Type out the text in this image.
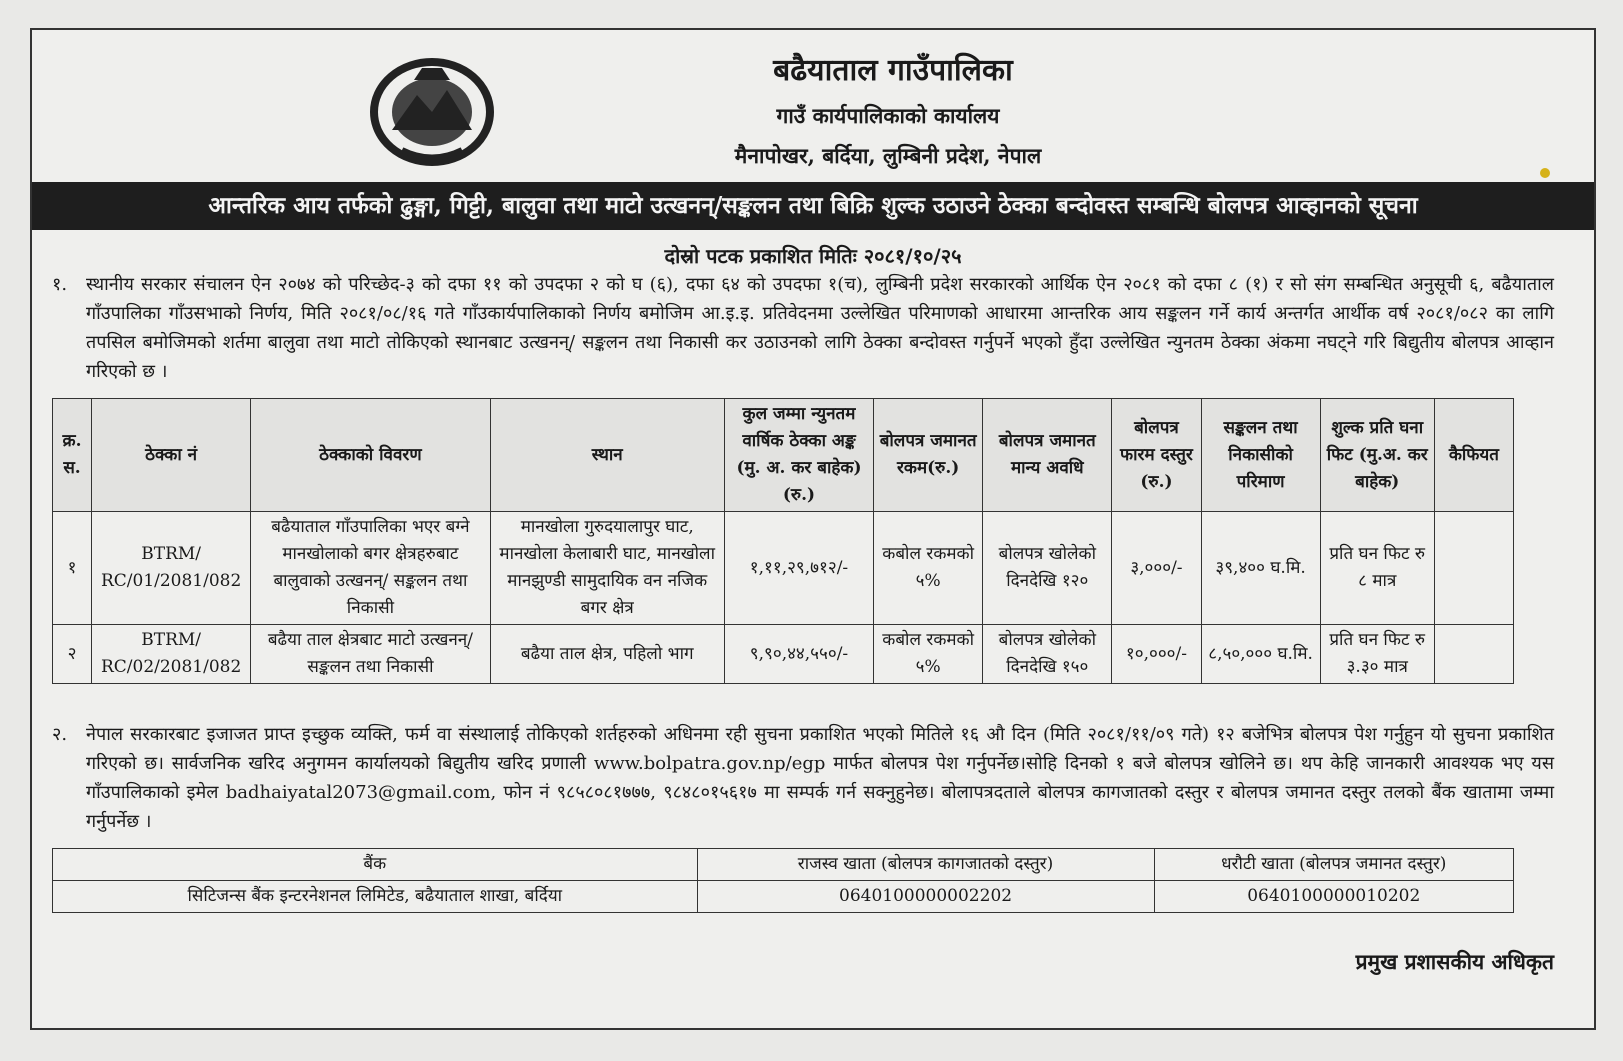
बढैयाताल गाउँपालिका
गाउँ कार्यपालिकाको कार्यालय
मैनापोखर, बर्दिया, लुम्बिनी प्रदेश, नेपाल
आन्तरिक आय तर्फको ढुङ्गा, गिट्टी, बालुवा तथा माटो उत्खनन्/सङ्कलन तथा बिक्रि शुल्क उठाउने ठेक्का बन्दोवस्त सम्बन्धि बोलपत्र आव्हानको सूचना
दोस्रो पटक प्रकाशित मितिः २०८१/१०/२५
१. स्थानीय सरकार संचालन ऐन २०७४ को परिच्छेद-३ को दफा ११ को उपदफा २ को घ (६), दफा ६४ को उपदफा १(च), लुम्बिनी प्रदेश सरकारको आर्थिक ऐन २०८१ को दफा ८ (१) र सो संग सम्बन्धित अनुसूची ६, बढैयाताल गाँउपालिका गाँउसभाको निर्णय, मिति २०८१/०८/१६ गते गाँउकार्यपालिकाको निर्णय बमोजिम आ.इ.इ. प्रतिवेदनमा उल्लेखित परिमाणको आधारमा आन्तरिक आय सङ्कलन गर्ने कार्य अन्तर्गत आर्थीक वर्ष २०८१/०८२ का लागि तपसिल बमोजिमको शर्तमा बालुवा तथा माटो तोकिएको स्थानबाट उत्खनन्/ सङ्कलन तथा निकासी कर उठाउनको लागि ठेक्का बन्दोवस्त गर्नुपर्ने भएको हुँदा उल्लेखित न्युनतम ठेक्का अंकमा नघट्ने गरि बिद्युतीय बोलपत्र आव्हान गरिएको छ ।
क्र. स.	ठेक्का नं	ठेक्काको विवरण	स्थान	कुल जम्मा न्युनतम वार्षिक ठेक्का अङ्क (मु. अ. कर बाहेक)(रु.)	बोलपत्र जमानत रकम(रु.)	बोलपत्र जमानत मान्य अवधि	बोलपत्र फारम दस्तुर (रु.)	सङ्कलन तथा निकासीको परिमाण	शुल्क प्रति घना फिट (मु.अ. कर बाहेक)	कैफियत
१	BTRM/ RC/01/2081/082	बढैयाताल गाँउपालिका भएर बग्ने मानखोलाको बगर क्षेत्रहरुबाट बालुवाको उत्खनन्/ सङ्कलन तथा निकासी	मानखोला गुरुदयालापुर घाट, मानखोला केलाबारी घाट, मानखोला मानझुण्डी सामुदायिक वन नजिक बगर क्षेत्र	१,११,२९,७१२/-	कबोल रकमको ५%	बोलपत्र खोलेको दिनदेखि १२०	३,०००/-	३९,४०० घ.मि.	प्रति घन फिट रु ८ मात्र	
२	BTRM/ RC/02/2081/082	बढैया ताल क्षेत्रबाट माटो उत्खनन्/सङ्कलन तथा निकासी	बढैया ताल क्षेत्र, पहिलो भाग	९,९०,४४,५५०/-	कबोल रकमको ५%	बोलपत्र खोलेको दिनदेखि १५०	१०,०००/-	८,५०,००० घ.मि.	प्रति घन फिट रु ३.३० मात्र	
२. नेपाल सरकारबाट इजाजत प्राप्त इच्छुक व्यक्ति, फर्म वा संस्थालाई तोकिएको शर्तहरुको अधिनमा रही सुचना प्रकाशित भएको मितिले १६ औ दिन (मिति २०८१/११/०९ गते) १२ बजेभित्र बोलपत्र पेश गर्नुहुन यो सुचना प्रकाशित गरिएको छ। सार्वजनिक खरिद अनुगमन कार्यालयको बिद्युतीय खरिद प्रणाली www.bolpatra.gov.np/egp मार्फत बोलपत्र पेश गर्नुपर्नेछ।सोहि दिनको १ बजे बोलपत्र खोलिने छ। थप केहि जानकारी आवश्यक भए यस गाँउपालिकाको इमेल badhaiyatal2073@gmail.com, फोन नं ९८५८०८१७७७, ९८४८०१५६१७ मा सम्पर्क गर्न सक्नुहुनेछ। बोलापत्रदताले बोलपत्र कागजातको दस्तुर र बोलपत्र जमानत दस्तुर तलको बैंक खातामा जम्मा गर्नुपर्नेछ ।
बैंक	राजस्व खाता (बोलपत्र कागजातको दस्तुर)	धरौटी खाता (बोलपत्र जमानत दस्तुर)
सिटिजन्स बैंक इन्टरनेशनल लिमिटेड, बढैयाताल शाखा, बर्दिया	0640100000002202	0640100000010202
प्रमुख प्रशासकीय अधिकृत
